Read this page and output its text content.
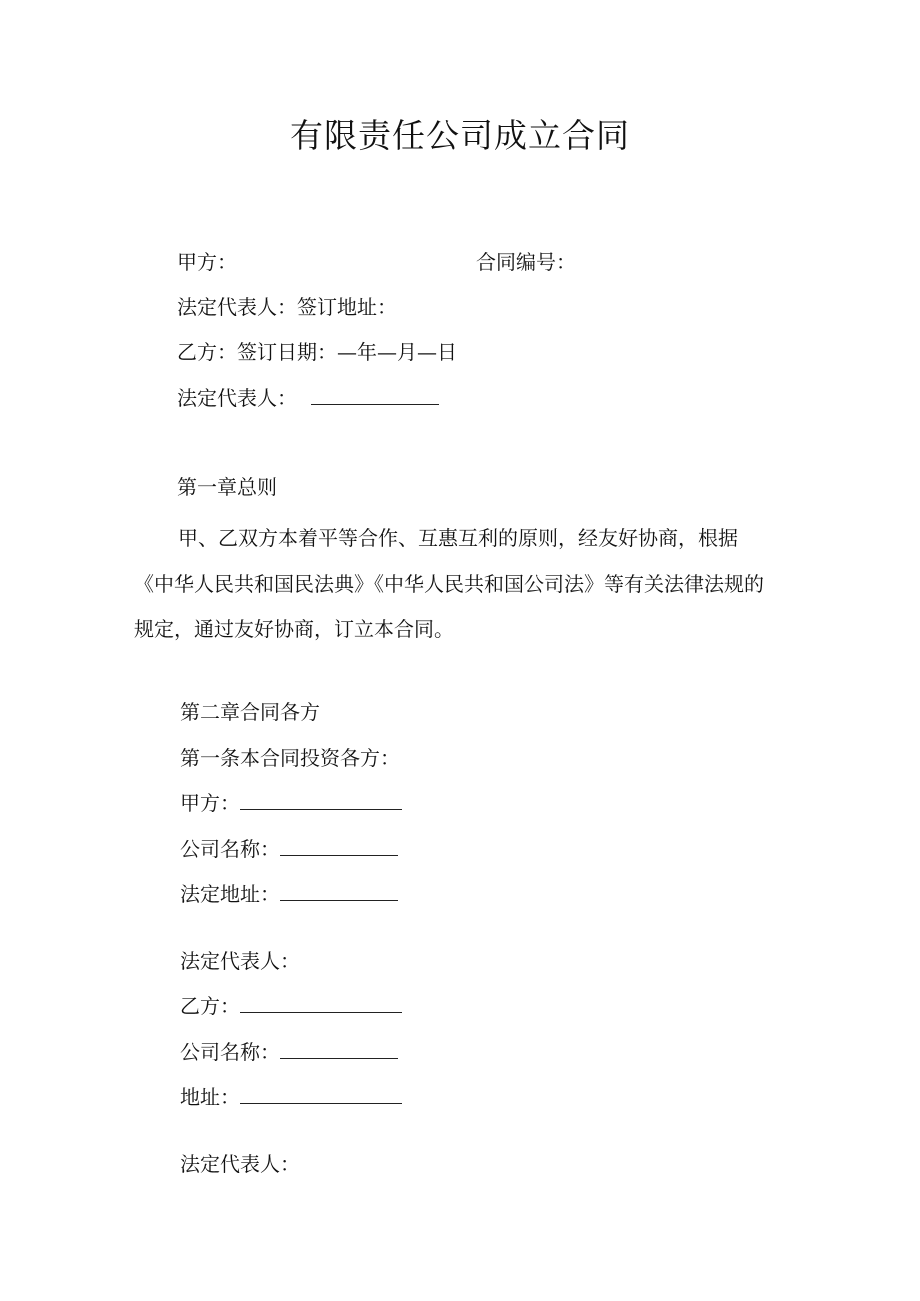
有限责任公司成立合同
甲方：	合同编号：
法定代表人：签订地址：
乙方：签订日期：—年—月—日
法定代表人：
第一章总则
甲、乙双方本着平等合作、互惠互利的原则，经友好协商，根据《中华人民共和国民法典》《中华人民共和国公司法》等有关法律法规的规定，通过友好协商，订立本合同。
第二章合同各方
第一条本合同投资各方：
甲方：
公司名称：
法定地址：
法定代表人：
乙方：
公司名称：
地址：
法定代表人：
